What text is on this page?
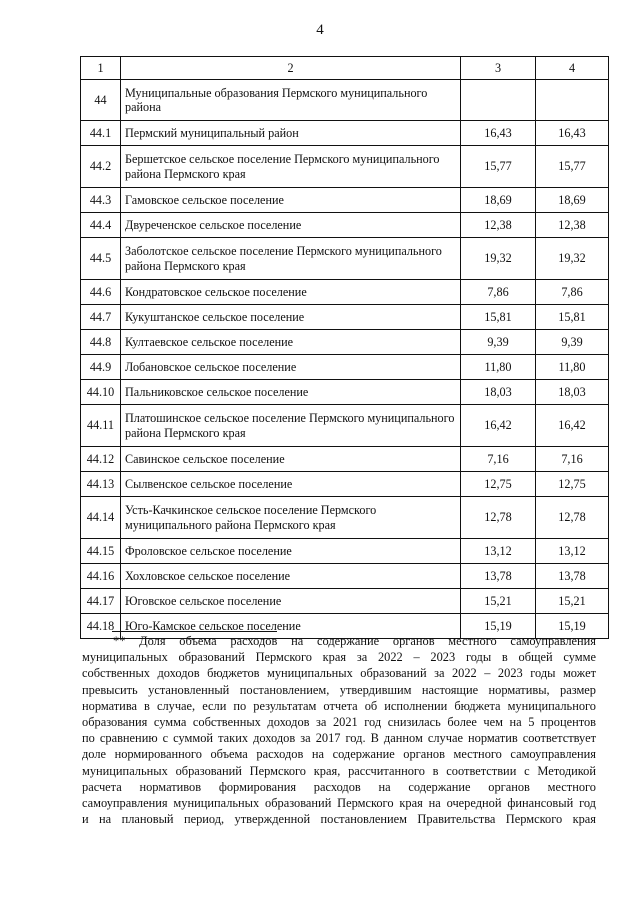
4
1	2	3	4
44	Муниципальные образования Пермского муниципального района		
44.1	Пермский муниципальный район	16,43	16,43
44.2	Бершетское сельское поселение Пермского муниципального района Пермского края	15,77	15,77
44.3	Гамовское сельское поселение	18,69	18,69
44.4	Двуреченское сельское поселение	12,38	12,38
44.5	Заболотское сельское поселение Пермского муниципального района Пермского края	19,32	19,32
44.6	Кондратовское сельское поселение	7,86	7,86
44.7	Кукуштанское сельское поселение	15,81	15,81
44.8	Култаевское сельское поселение	9,39	9,39
44.9	Лобановское сельское поселение	11,80	11,80
44.10	Пальниковское сельское поселение	18,03	18,03
44.11	Платошинское сельское поселение Пермского муниципального района Пермского края	16,42	16,42
44.12	Савинское сельское поселение	7,16	7,16
44.13	Сылвенское сельское поселение	12,75	12,75
44.14	Усть-Качкинское сельское поселение Пермского муниципального района Пермского края	12,78	12,78
44.15	Фроловское сельское поселение	13,12	13,12
44.16	Хохловское сельское поселение	13,78	13,78
44.17	Юговское сельское поселение	15,21	15,21
44.18	Юго-Камское сельское поселение	15,19	15,19
** Доля объема расходов на содержание органов местного самоуправления
муниципальных образований Пермского края за 2022 – 2023 годы в общей сумме
собственных доходов бюджетов муниципальных образований за 2022 – 2023 годы может
превысить установленный постановлением, утвердившим настоящие нормативы, размер
норматива в случае, если по результатам отчета об исполнении бюджета муниципального
образования сумма собственных доходов за 2021 год снизилась более чем на 5 процентов
по сравнению с суммой таких доходов за 2017 год. В данном случае норматив соответствует
доле нормированного объема расходов на содержание органов местного самоуправления
муниципальных образований Пермского края, рассчитанного в соответствии с Методикой
расчета нормативов формирования расходов на содержание органов местного
самоуправления муниципальных образований Пермского края на очередной финансовый год
и на плановый период, утвержденной постановлением Правительства Пермского края
